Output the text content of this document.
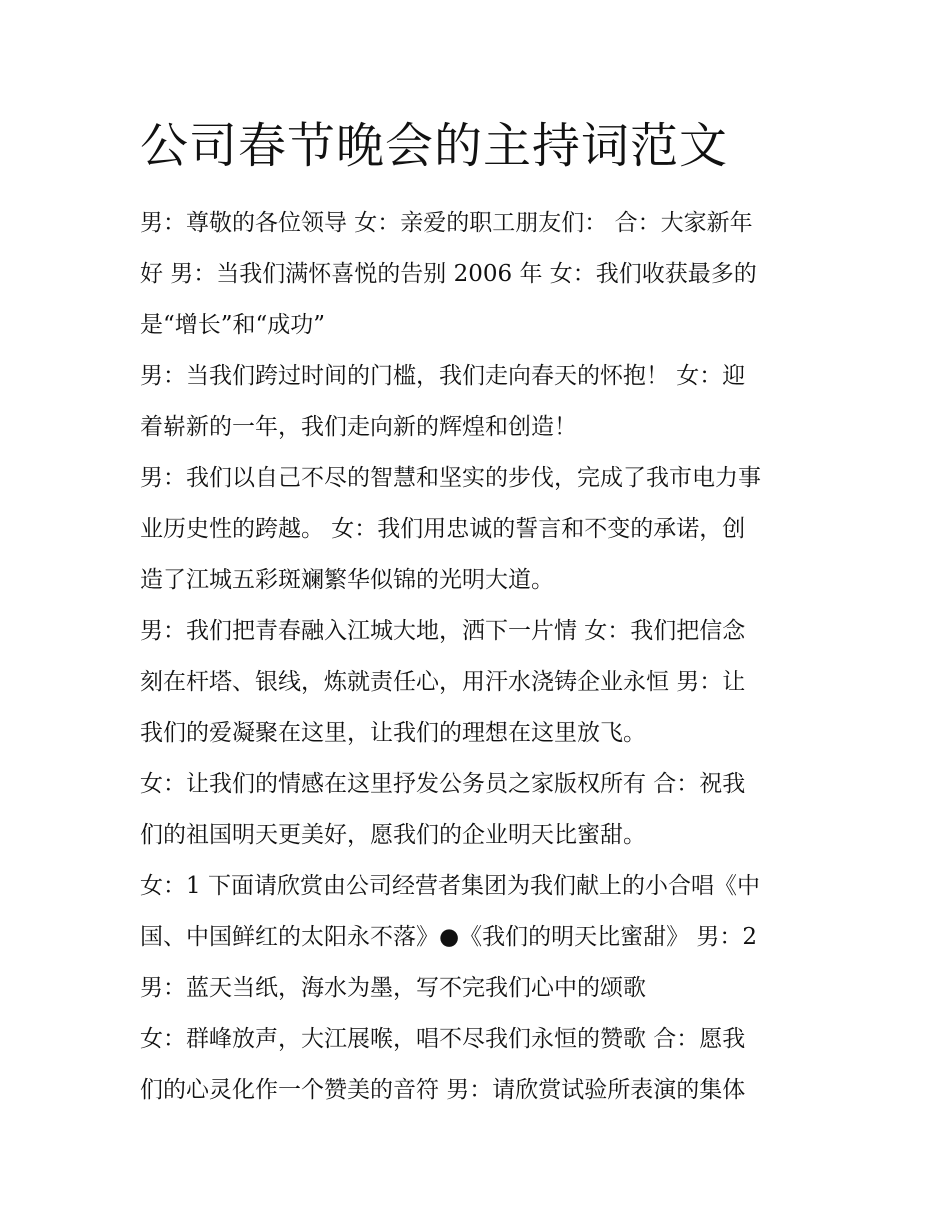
公司春节晚会的主持词范文
男：尊敬的各位领导 女：亲爱的职工朋友们： 合：大家新年
好 男：当我们满怀喜悦的告别 2006 年 女：我们收获最多的
是“增长”和“成功”
男：当我们跨过时间的门槛，我们走向春天的怀抱！ 女：迎
着崭新的一年，我们走向新的辉煌和创造！
男：我们以自己不尽的智慧和坚实的步伐，完成了我市电力事
业历史性的跨越。 女：我们用忠诚的誓言和不变的承诺，创
造了江城五彩斑斓繁华似锦的光明大道。
男：我们把青春融入江城大地，洒下一片情 女：我们把信念
刻在杆塔、银线，炼就责任心，用汗水浇铸企业永恒 男：让
我们的爱凝聚在这里，让我们的理想在这里放飞。
女：让我们的情感在这里抒发公务员之家版权所有 合：祝我
们的祖国明天更美好，愿我们的企业明天比蜜甜。
女：1 下面请欣赏由公司经营者集团为我们献上的小合唱《中
国、中国鲜红的太阳永不落》●《我们的明天比蜜甜》 男：2
男：蓝天当纸，海水为墨，写不完我们心中的颂歌
女：群峰放声，大江展喉，唱不尽我们永恒的赞歌 合：愿我
们的心灵化作一个赞美的音符 男：请欣赏试验所表演的集体
